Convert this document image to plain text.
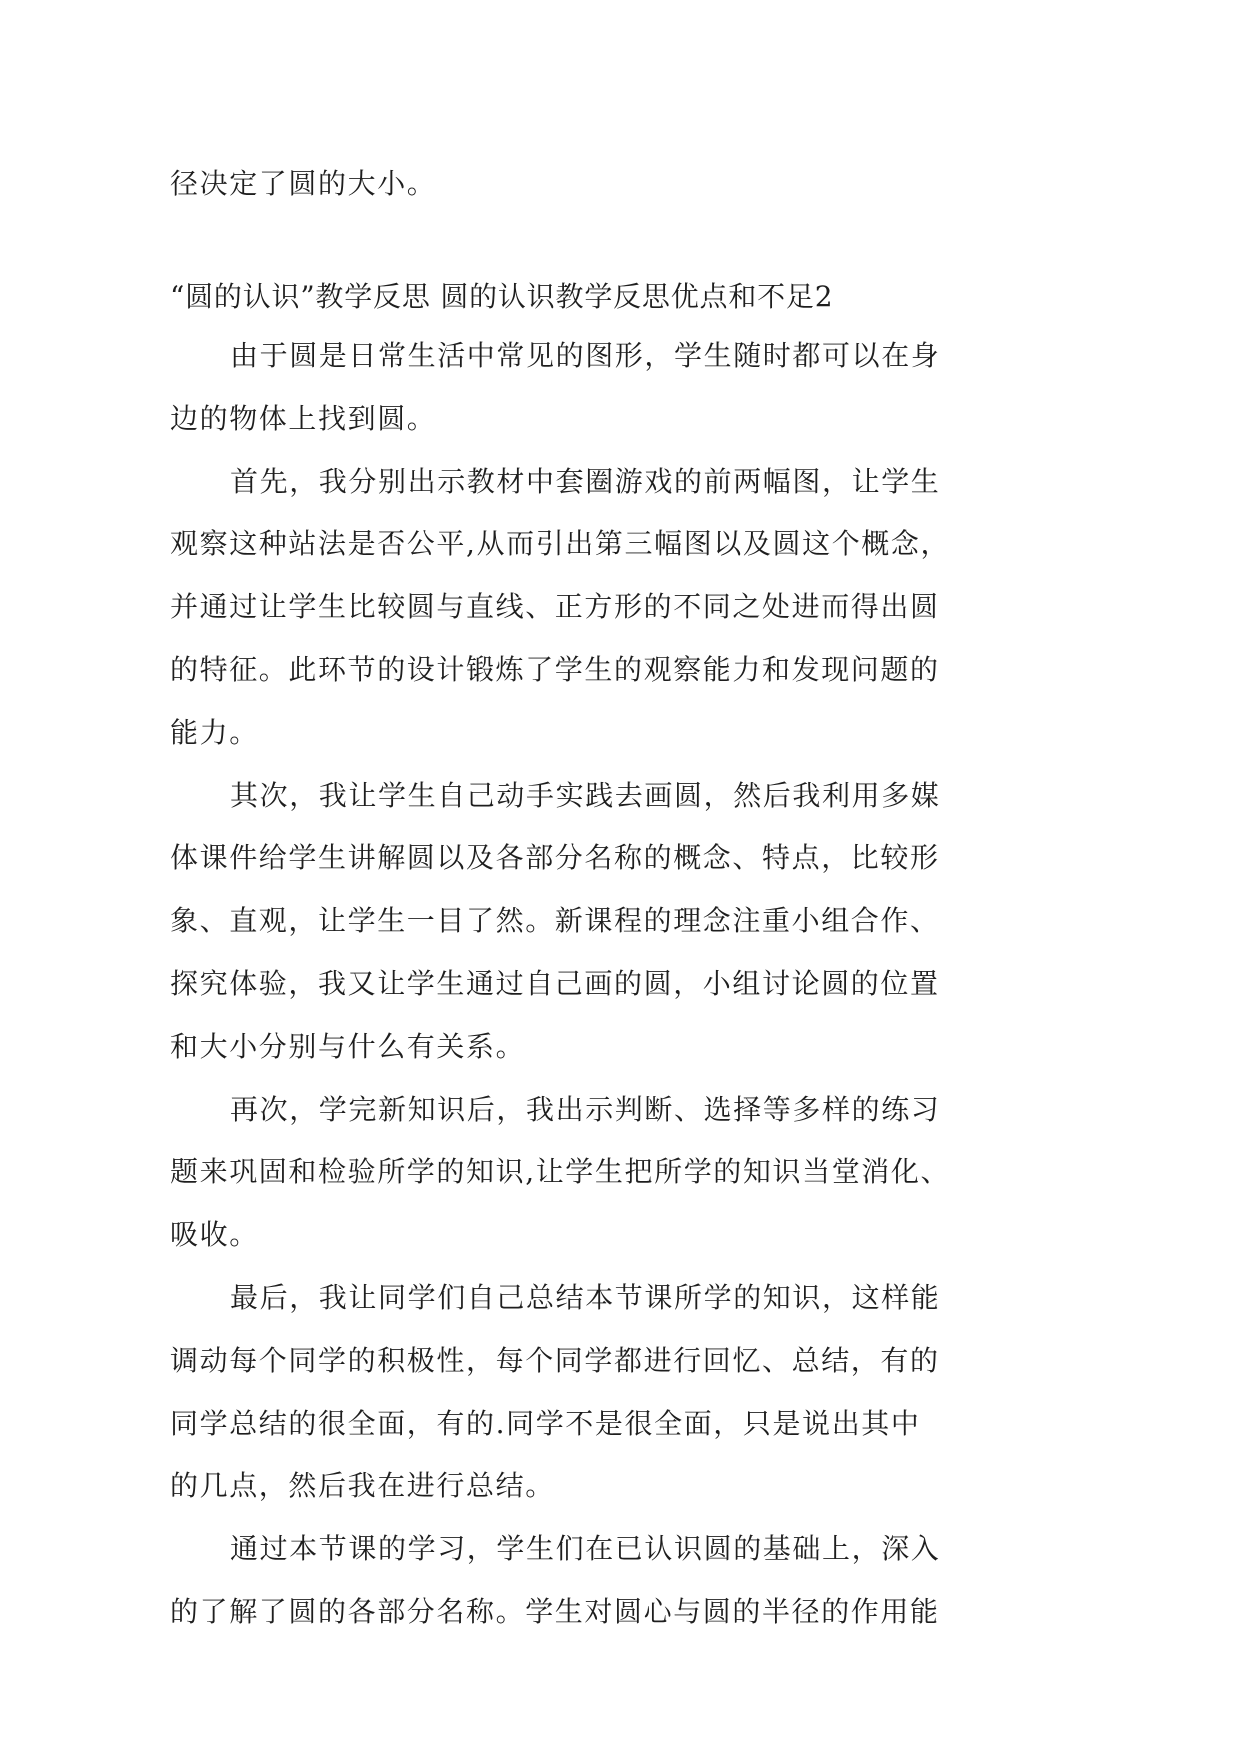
径决定了圆的大小。
“圆的认识”教学反思 圆的认识教学反思优点和不足2
由于圆是日常生活中常见的图形，学生随时都可以在身
边的物体上找到圆。
首先，我分别出示教材中套圈游戏的前两幅图，让学生
观察这种站法是否公平,从而引出第三幅图以及圆这个概念，
并通过让学生比较圆与直线、正方形的不同之处进而得出圆
的特征。此环节的设计锻炼了学生的观察能力和发现问题的
能力。
其次，我让学生自己动手实践去画圆，然后我利用多媒
体课件给学生讲解圆以及各部分名称的概念、特点，比较形
象、直观，让学生一目了然。新课程的理念注重小组合作、
探究体验，我又让学生通过自己画的圆，小组讨论圆的位置
和大小分别与什么有关系。
再次，学完新知识后，我出示判断、选择等多样的练习
题来巩固和检验所学的知识,让学生把所学的知识当堂消化、
吸收。
最后，我让同学们自己总结本节课所学的知识，这样能
调动每个同学的积极性，每个同学都进行回忆、总结，有的
同学总结的很全面，有的.同学不是很全面，只是说出其中
的几点，然后我在进行总结。
通过本节课的学习，学生们在已认识圆的基础上，深入
的了解了圆的各部分名称。学生对圆心与圆的半径的作用能
